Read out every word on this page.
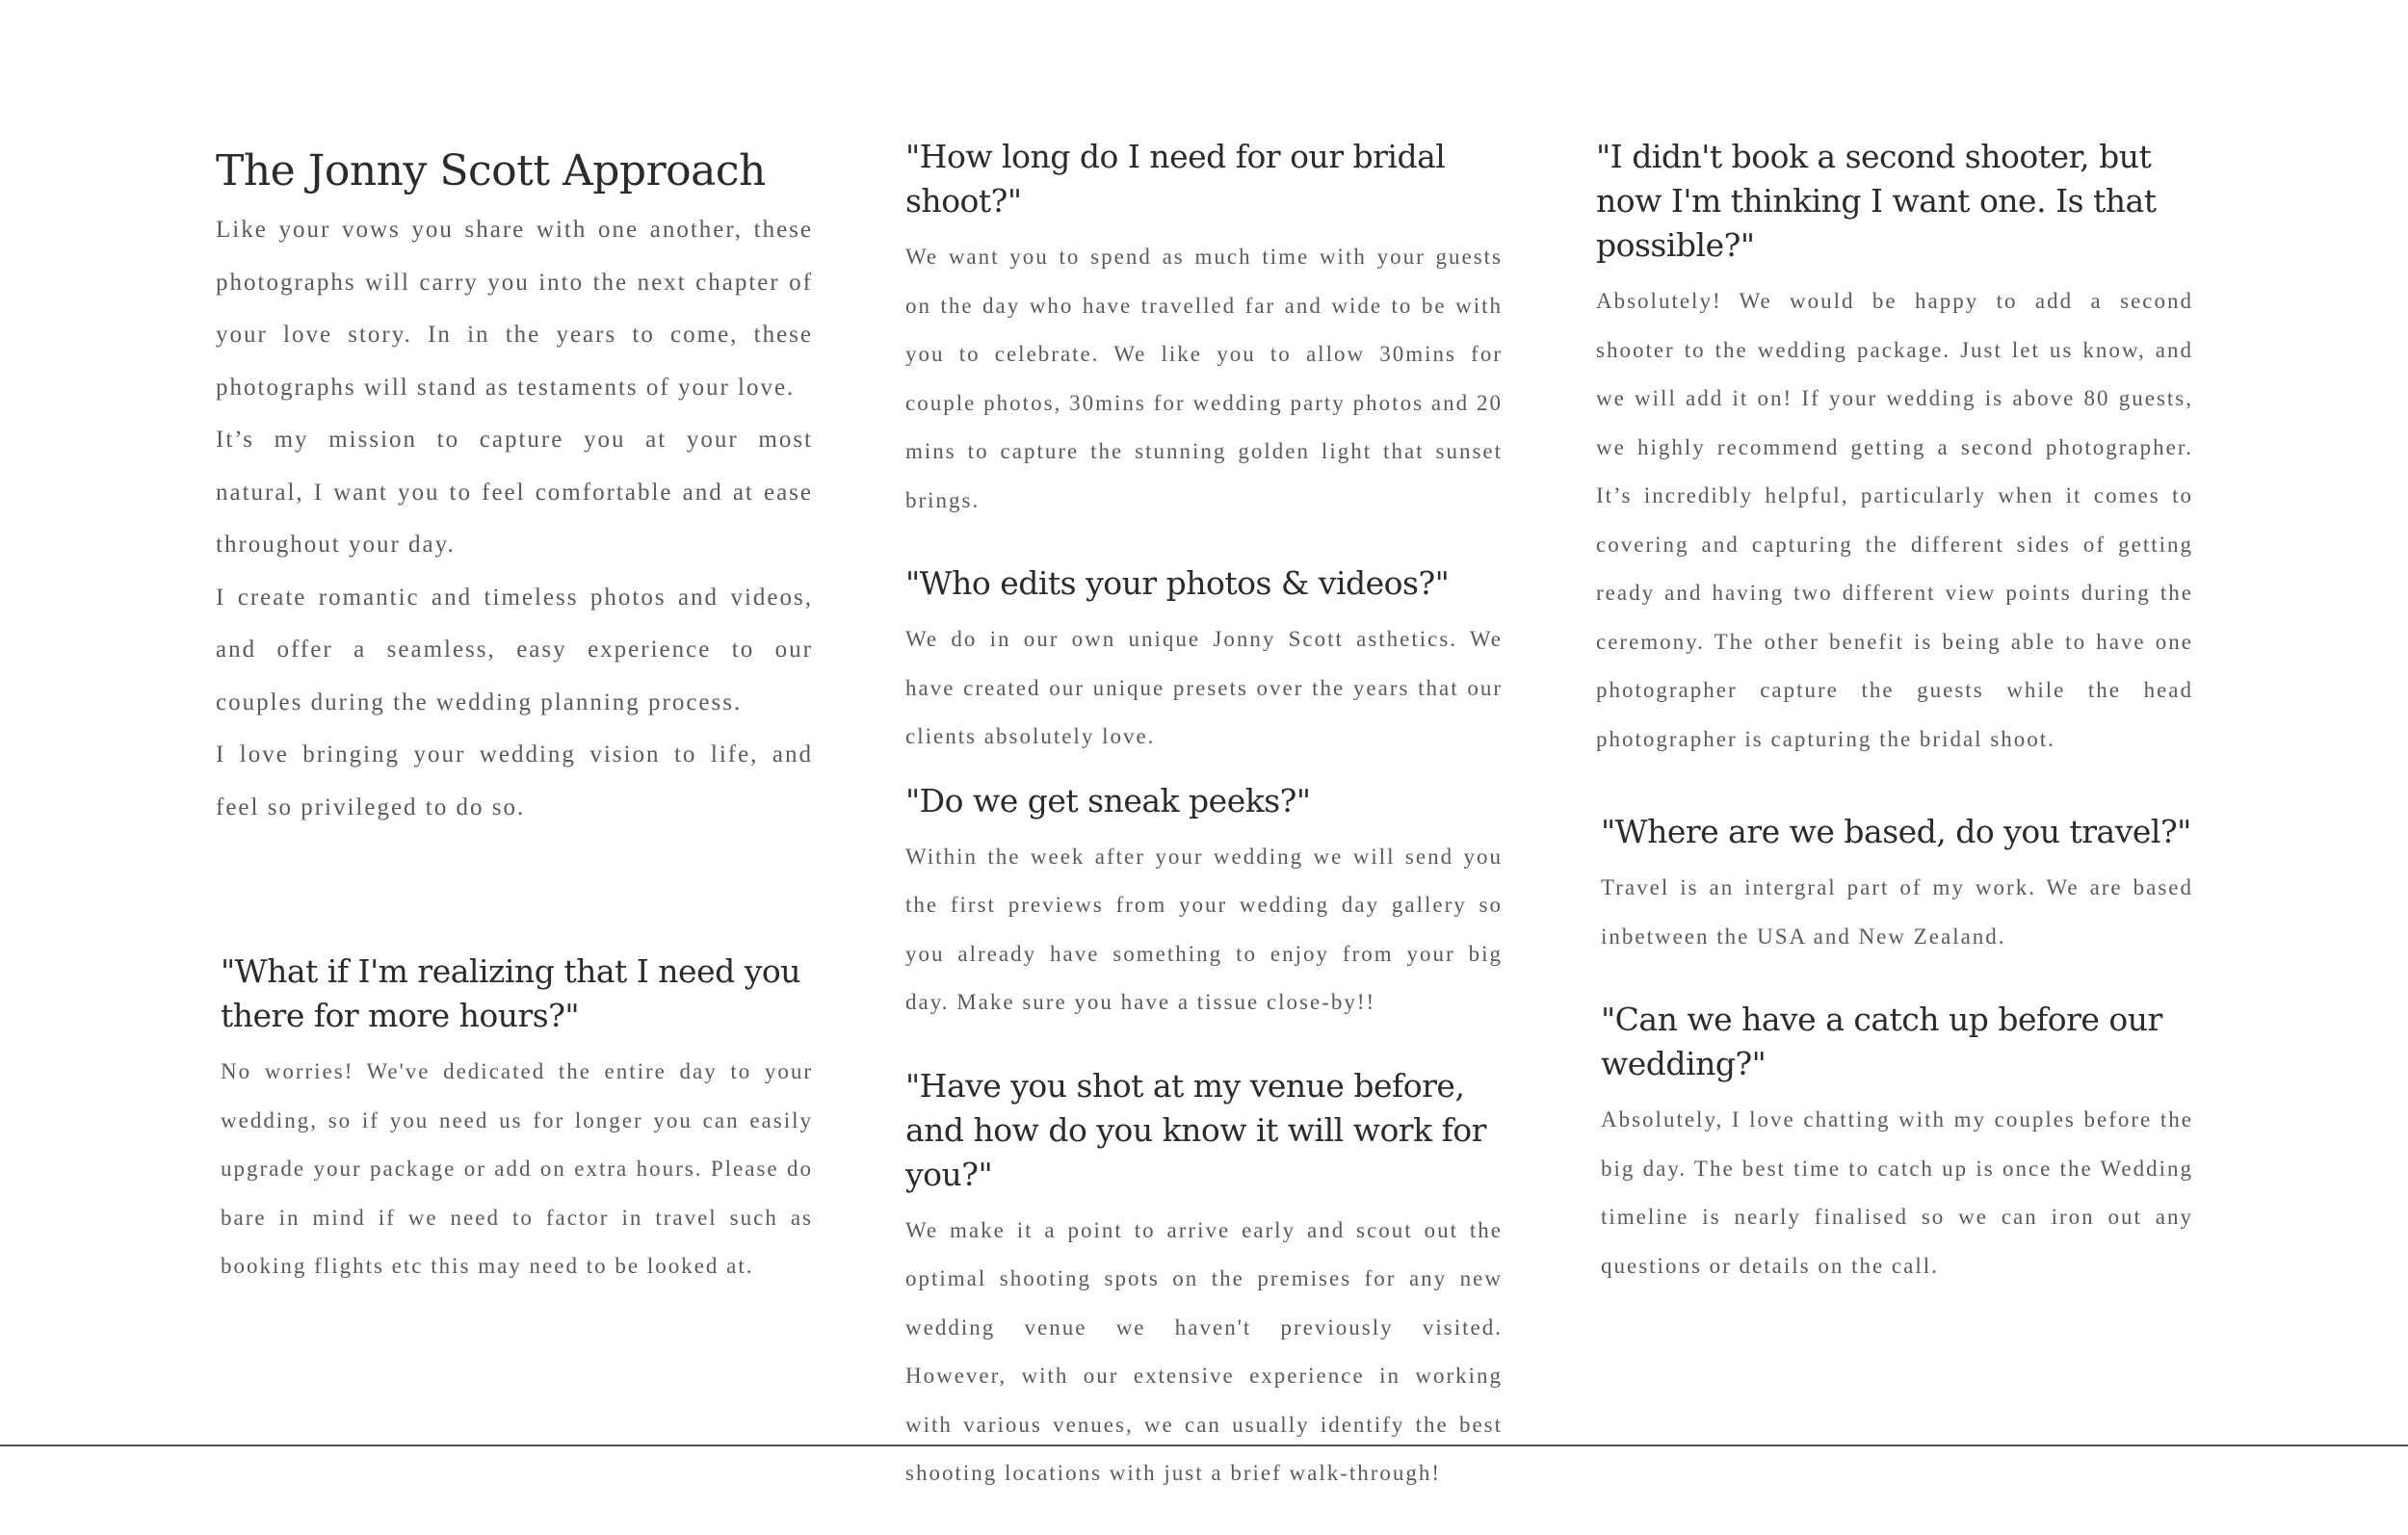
The Jonny Scott Approach

Like your vows you share with one another, these photographs will carry you into the next chapter of your love story. In in the years to come, these photographs will stand as testaments of your love.

It’s my mission to capture you at your most natural, I want you to feel comfortable and at ease throughout your day.

I create romantic and timeless photos and videos, and offer a seamless, easy experience to our couples during the wedding planning process.

I love bringing your wedding vision to life, and feel so privileged to do so.

"What if I'm realizing that I need you there for more hours?"

No worries! We've dedicated the entire day to your wedding, so if you need us for longer you can easily upgrade your package or add on extra hours. Please do bare in mind if we need to factor in travel such as booking flights etc this may need to be looked at.

"How long do I need for our bridal shoot?"

We want you to spend as much time with your guests on the day who have travelled far and wide to be with you to celebrate. We like you to allow 30mins for couple photos, 30mins for wedding party photos and 20 mins to capture the stunning golden light that sunset brings.

"Who edits your photos & videos?"

We do in our own unique Jonny Scott asthetics. We have created our unique presets over the years that our clients absolutely love.

"Do we get sneak peeks?"

Within the week after your wedding we will send you the first previews from your wedding day gallery so you already have something to enjoy from your big day. Make sure you have a tissue close-by!!

"Have you shot at my venue before, and how do you know it will work for you?"

We make it a point to arrive early and scout out the optimal shooting spots on the premises for any new wedding venue we haven't previously visited. However, with our extensive experience in working with various venues, we can usually identify the best shooting locations with just a brief walk-through!

"I didn't book a second shooter, but now I'm thinking I want one. Is that possible?"

Absolutely! We would be happy to add a second shooter to the wedding package. Just let us know, and we will add it on! If your wedding is above 80 guests, we highly recommend getting a second photographer. It’s incredibly helpful, particularly when it comes to covering and capturing the different sides of getting ready and having two different view points during the ceremony. The other benefit is being able to have one photographer capture the guests while the head photographer is capturing the bridal shoot.

"Where are we based, do you travel?"

Travel is an intergral part of my work. We are based inbetween the USA and New Zealand.

"Can we have a catch up before our wedding?"

Absolutely, I love chatting with my couples before the big day. The best time to catch up is once the Wedding timeline is nearly finalised so we can iron out any questions or details on the call.
